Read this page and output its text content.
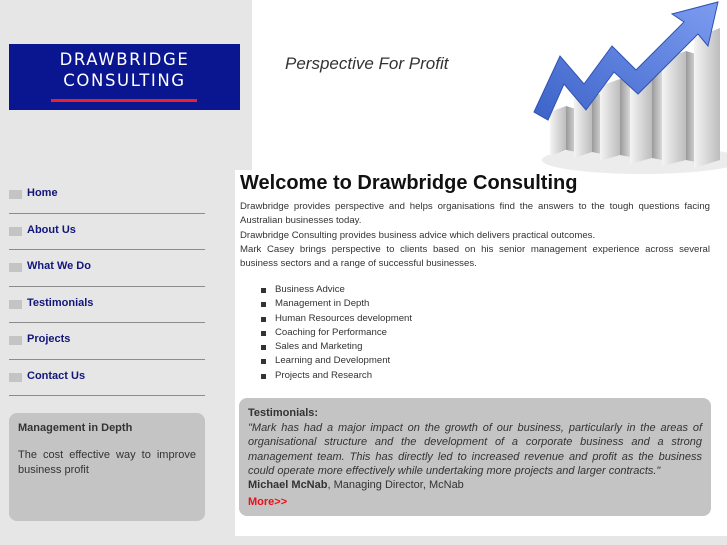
DRAWBRIDGE
CONSULTING
Perspective For Profit
Home
About Us
What We Do
Testimonials
Projects
Contact Us
Management in Depth
The cost effective way to improve business profit
Welcome to Drawbridge Consulting

Drawbridge provides perspective and helps organisations find the answers to the tough questions facing Australian businesses today.

Drawbridge Consulting provides business advice which delivers practical outcomes.

Mark Casey brings perspective to clients based on his senior management experience across several business sectors and a range of successful businesses.

Business Advice
Management in Depth
Human Resources development
Coaching for Performance
Sales and Marketing
Learning and Development
Projects and Research
Testimonials:
"Mark has had a major impact on the growth of our business, particularly in the areas of organisational structure and the development of a corporate business and a strong management team. This has directly led to increased revenue and profit as the business could operate more effectively while undertaking more projects and larger contracts."
Michael McNab, Managing Director, McNab
More>>
